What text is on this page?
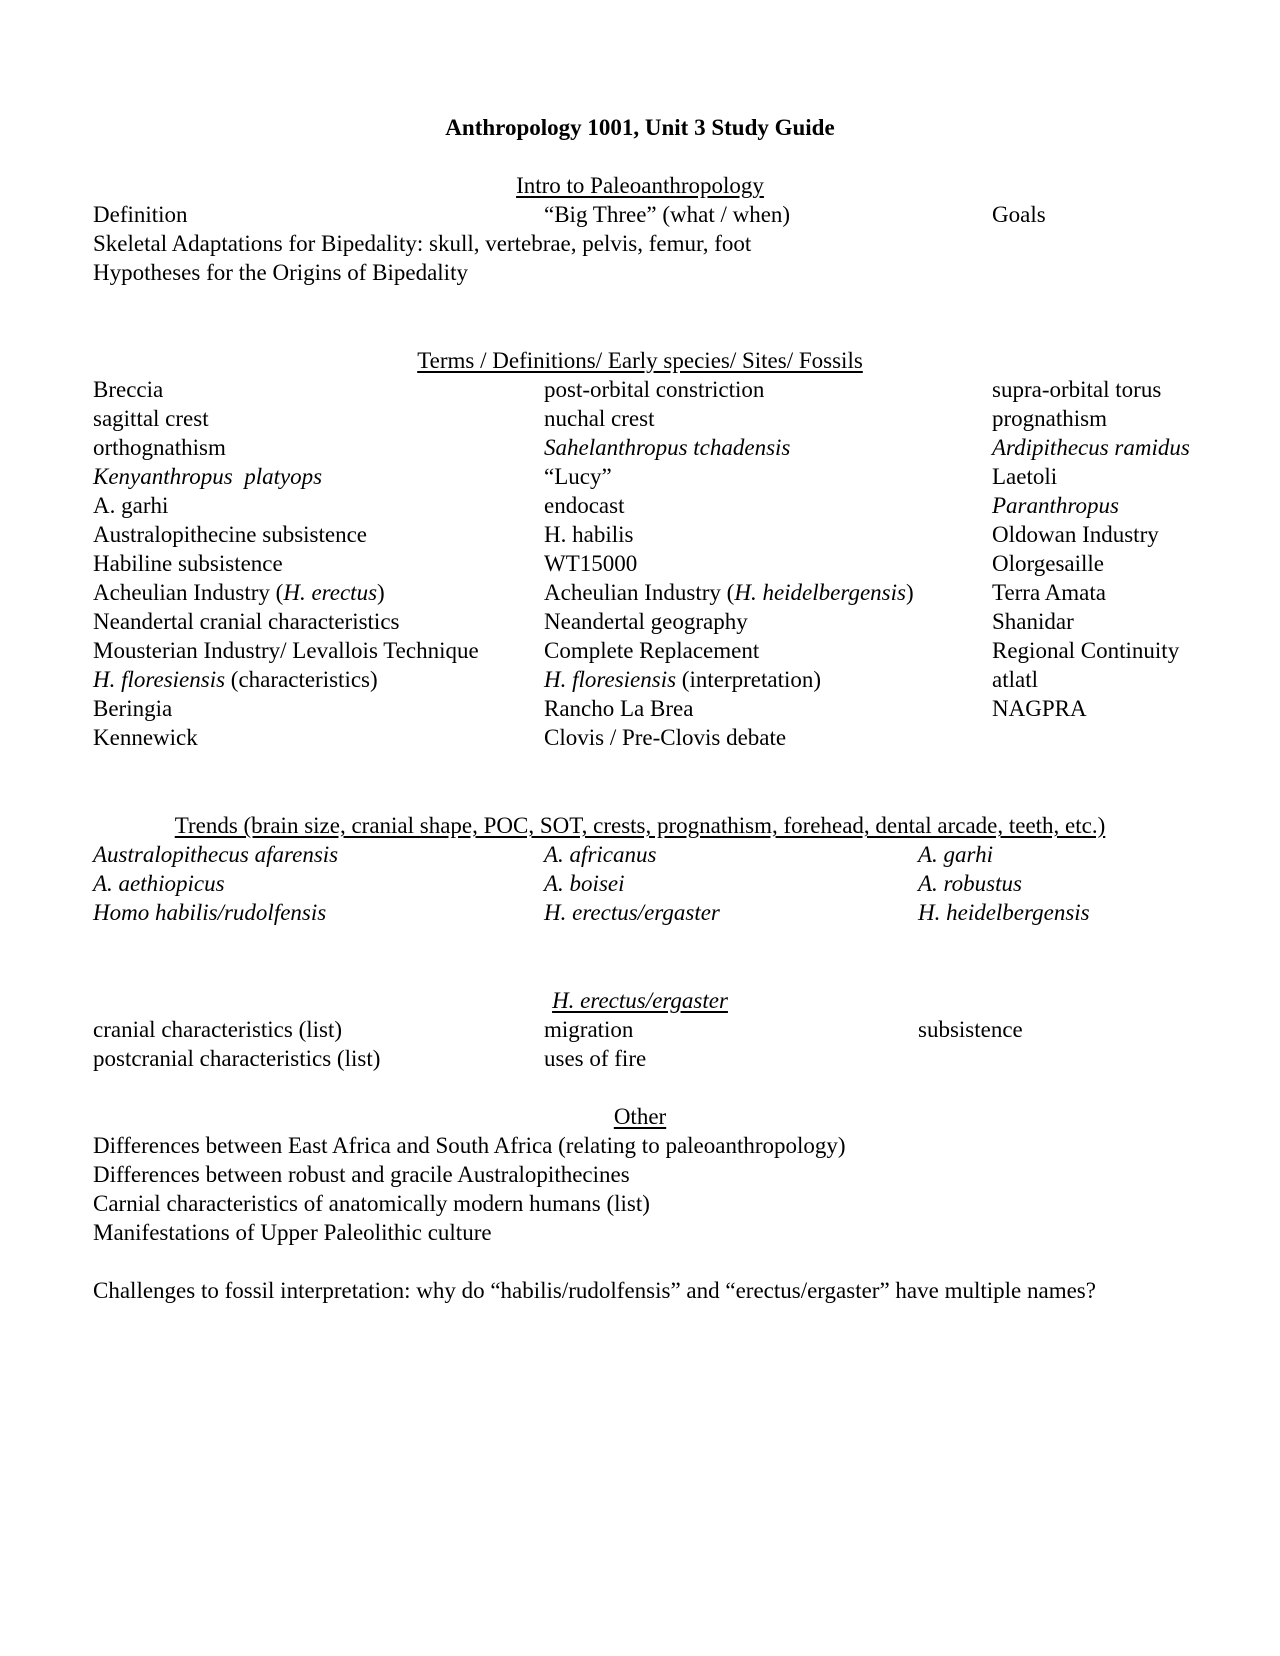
Anthropology 1001, Unit 3 Study Guide
Intro to Paleoanthropology
Definition	“Big Three” (what / when)	Goals
Skeletal Adaptations for Bipedality: skull, vertebrae, pelvis, femur, foot
Hypotheses for the Origins of Bipedality
Terms / Definitions/ Early species/ Sites/ Fossils
Breccia	post-orbital constriction	supra-orbital torus
sagittal crest	nuchal crest	prognathism
orthognathism	Sahelanthropus tchadensis	Ardipithecus ramidus
Kenyanthropus  platyops	“Lucy”	Laetoli
A. garhi	endocast	Paranthropus
Australopithecine subsistence	H. habilis	Oldowan Industry
Habiline subsistence	WT15000	Olorgesaille
Acheulian Industry (H. erectus)	Acheulian Industry (H. heidelbergensis)	Terra Amata
Neandertal cranial characteristics	Neandertal geography	Shanidar
Mousterian Industry/ Levallois Technique	Complete Replacement	Regional Continuity
H. floresiensis (characteristics)	H. floresiensis (interpretation)	atlatl
Beringia	Rancho La Brea	NAGPRA
Kennewick	Clovis / Pre-Clovis debate
Trends (brain size, cranial shape, POC, SOT, crests, prognathism, forehead, dental arcade, teeth, etc.)
Australopithecus afarensis	A. africanus	A. garhi
A. aethiopicus	A. boisei	A. robustus
Homo habilis/rudolfensis	H. erectus/ergaster	H. heidelbergensis
H. erectus/ergaster
cranial characteristics (list)	migration	subsistence
postcranial characteristics (list)	uses of fire
Other
Differences between East Africa and South Africa (relating to paleoanthropology)
Differences between robust and gracile Australopithecines
Carnial characteristics of anatomically modern humans (list)
Manifestations of Upper Paleolithic culture
Challenges to fossil interpretation: why do “habilis/rudolfensis” and “erectus/ergaster” have multiple names?
